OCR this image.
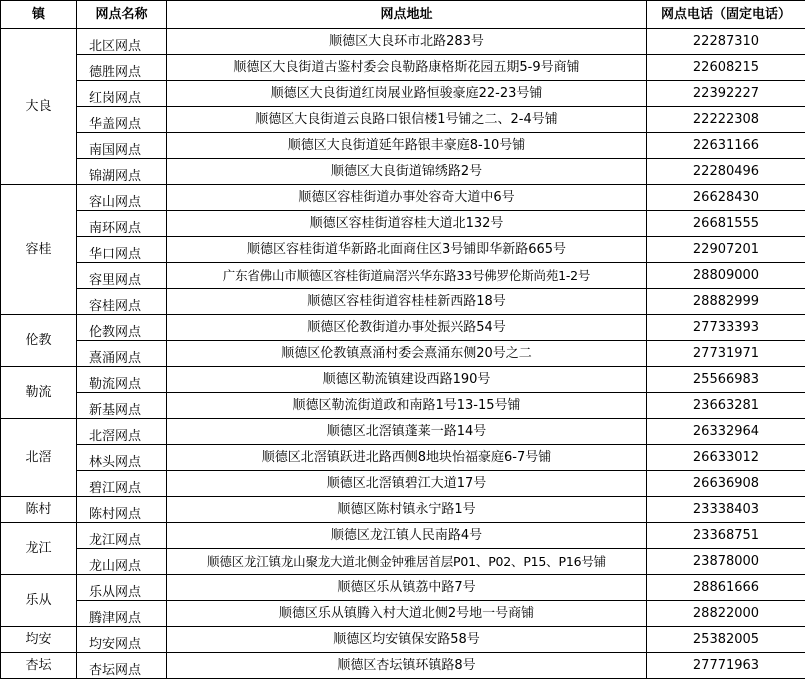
镇	网点名称	网点地址	网点电话（固定电话）
大良	北区网点	顺德区大良环市北路283号	22287310
	德胜网点	顺德区大良街道古鉴村委会良勒路康格斯花园五期5-9号商铺	22608215
	红岗网点	顺德区大良街道红岗展业路恒骏豪庭22-23号铺	22392227
	华盖网点	顺德区大良街道云良路口银信楼1号铺之二、2-4号铺	22222308
	南国网点	顺德区大良街道延年路银丰豪庭8-10号铺	22631166
	锦湖网点	顺德区大良街道锦绣路2号	22280496
容桂	容山网点	顺德区容桂街道办事处容奇大道中6号	26628430
	南环网点	顺德区容桂街道容桂大道北132号	26681555
	华口网点	顺德区容桂街道华新路北面商住区3号铺即华新路665号	22907201
	容里网点	广东省佛山市顺德区容桂街道扁滘兴华东路33号佛罗伦斯尚苑1-2号	28809000
	容桂网点	顺德区容桂街道容桂桂新西路18号	28882999
伦教	伦教网点	顺德区伦教街道办事处振兴路54号	27733393
	熹涌网点	顺德区伦教镇熹涌村委会熹涌东侧20号之二	27731971
勒流	勒流网点	顺德区勒流镇建设西路190号	25566983
	新基网点	顺德区勒流街道政和南路1号13-15号铺	23663281
北滘	北滘网点	顺德区北滘镇蓬莱一路14号	26332964
	林头网点	顺德区北滘镇跃进北路西侧8地块怡福豪庭6-7号铺	26633012
	碧江网点	顺德区北滘镇碧江大道17号	26636908
陈村	陈村网点	顺德区陈村镇永宁路1号	23338403
龙江	龙江网点	顺德区龙江镇人民南路4号	23368751
	龙山网点	顺德区龙江镇龙山聚龙大道北侧金钟雅居首层P01、P02、P15、P16号铺	23878000
乐从	乐从网点	顺德区乐从镇荔中路7号	28861666
	腾津网点	顺德区乐从镇腾入村大道北侧2号地一号商铺	28822000
均安	均安网点	顺德区均安镇保安路58号	25382005
杏坛	杏坛网点	顺德区杏坛镇环镇路8号	27771963
